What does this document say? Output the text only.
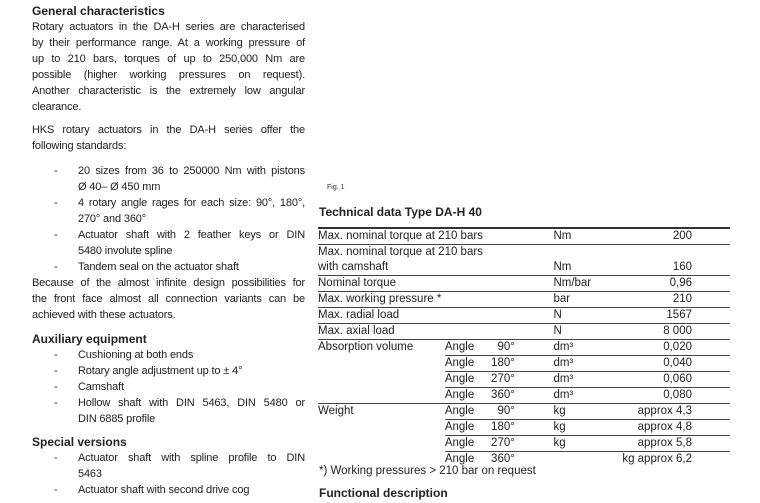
General characteristics
Rotary actuators in the DA-H series are characterised
by their performance range. At a working pressure of
up to 210 bars, torques of up to 250,000 Nm are
possible (higher working pressures on request).
Another characteristic is the extremely low angular
clearance.
HKS rotary actuators in the DA-H series offer the
following standards:
- 20 sizes from 36 to 250000 Nm with pistons
Ø 40– Ø 450 mm
- 4 rotary angle rages for each size: 90°, 180°,
270° and 360°
- Actuator shaft with 2 feather keys or DIN
5480 involute spline
- Tandem seal on the actuator shaft
Because of the almost infinite design possibilities for
the front face almost all connection variants can be
achieved with these actuators.
Auxiliary equipment
- Cushioning at both ends
- Rotary angle adjustment up to ± 4°
- Camshaft
- Hollow shaft with DIN 5463, DIN 5480 or
DIN 6885 profile
Special versions
- Actuator shaft with spline profile to DIN
5463
- Actuator shaft with second drive cog
Fig. 1
Technical data Type DA-H 40
Max. nominal torque at 210 bars		Nm	200
Max. nominal torque at 210 bars			
with camshaft		Nm	160
Nominal torque		Nm/bar	0,96
Max. working pressure *		bar	210
Max. radial load		N	1567
Max. axial load		N	8 000
Absorption volume	Angle 90°	dm³	0,020
	Angle 180°	dm³	0,040
	Angle 270°	dm³	0,060
	Angle 360°	dm³	0,080
Weight	Angle 90°	kg	approx 4,3
	Angle 180°	kg	approx 4,8
	Angle 270°	kg	approx 5,8
	Angle 360°		kg approx 6,2
*) Working pressures > 210 bar on request
Functional description
